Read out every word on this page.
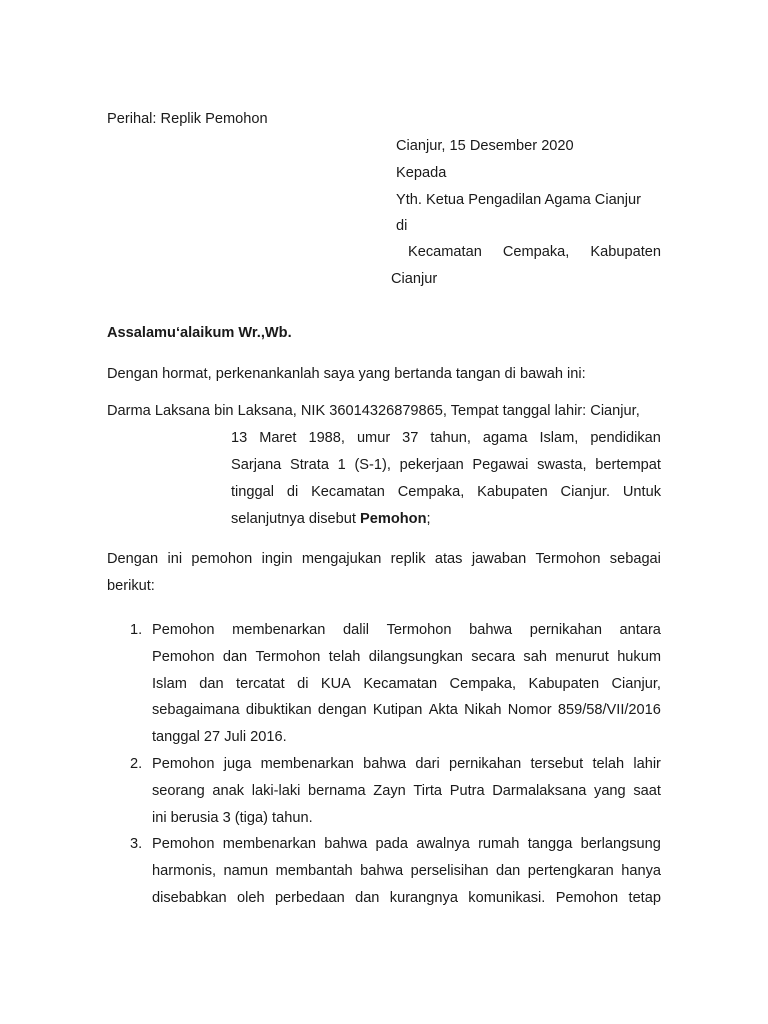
Perihal: Replik Pemohon
Cianjur, 15 Desember 2020
Kepada
Yth. Ketua Pengadilan Agama Cianjur
di
Kecamatan Cempaka, Kabupaten
Cianjur
Assalamu‘alaikum Wr.,Wb.
Dengan hormat, perkenankanlah saya yang bertanda tangan di bawah ini:
Darma Laksana bin Laksana, NIK 36014326879865, Tempat tanggal lahir: Cianjur,
13 Maret 1988, umur 37 tahun, agama Islam, pendidikan
Sarjana Strata 1 (S-1), pekerjaan Pegawai swasta, bertempat
tinggal di Kecamatan Cempaka, Kabupaten Cianjur. Untuk
selanjutnya disebut Pemohon;
Dengan ini pemohon ingin mengajukan replik atas jawaban Termohon sebagai
berikut:
1. Pemohon membenarkan dalil Termohon bahwa pernikahan antara
Pemohon dan Termohon telah dilangsungkan secara sah menurut hukum
Islam dan tercatat di KUA Kecamatan Cempaka, Kabupaten Cianjur,
sebagaimana dibuktikan dengan Kutipan Akta Nikah Nomor 859/58/VII/2016
tanggal 27 Juli 2016.
2. Pemohon juga membenarkan bahwa dari pernikahan tersebut telah lahir
seorang anak laki-laki bernama Zayn Tirta Putra Darmalaksana yang saat
ini berusia 3 (tiga) tahun.
3. Pemohon membenarkan bahwa pada awalnya rumah tangga berlangsung
harmonis, namun membantah bahwa perselisihan dan pertengkaran hanya
disebabkan oleh perbedaan dan kurangnya komunikasi. Pemohon tetap
